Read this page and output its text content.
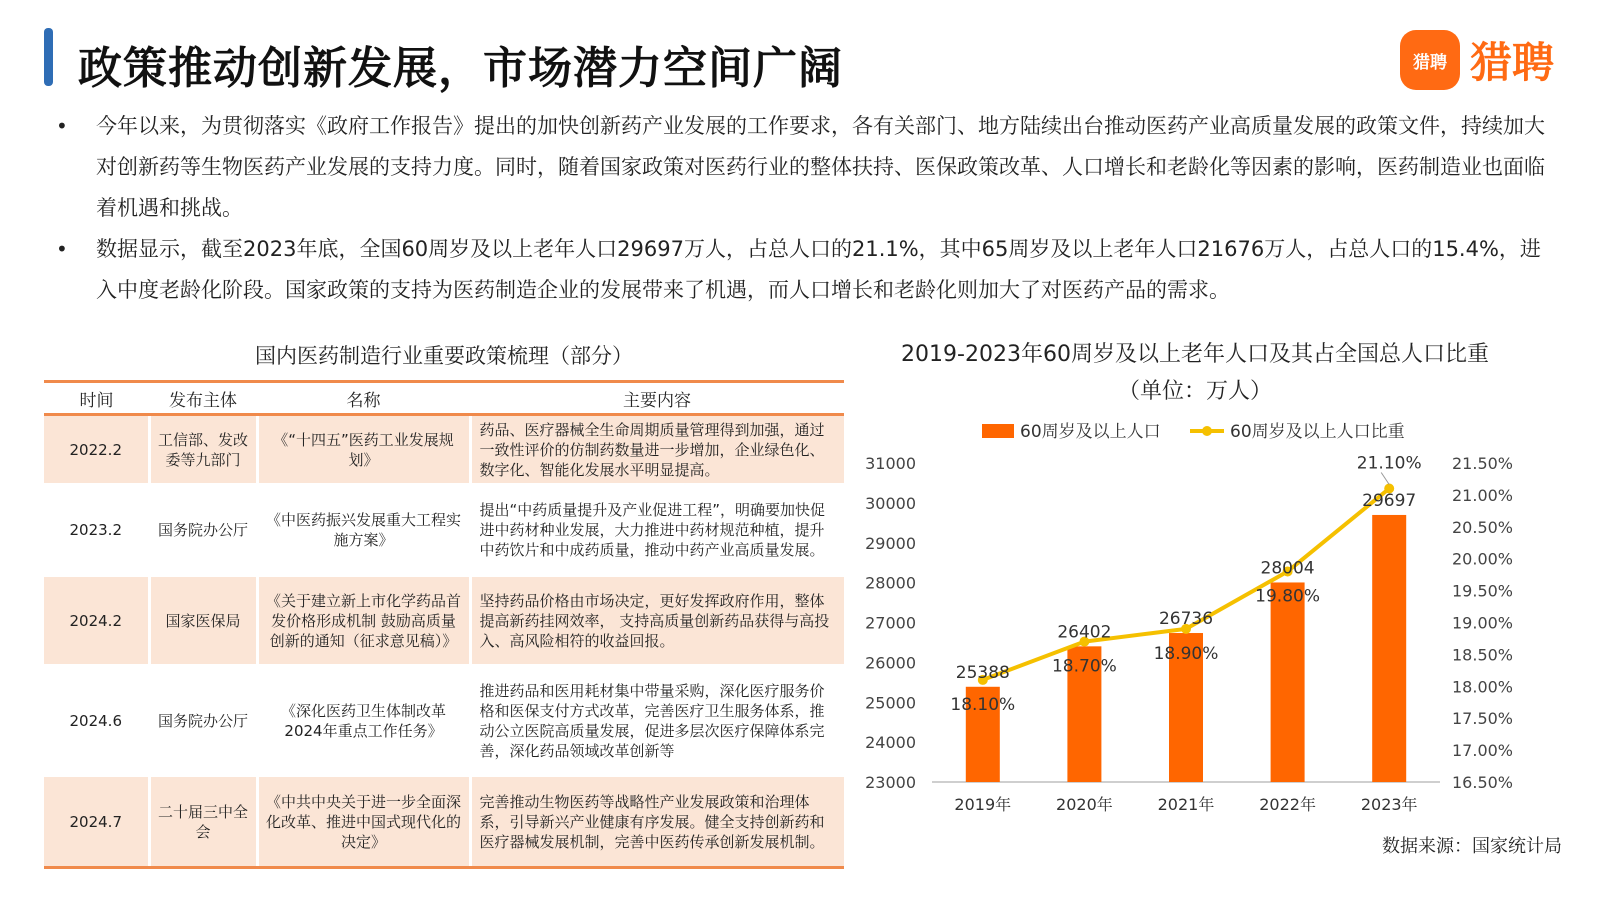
政策推动创新发展，市场潜力空间广阔	猎聘 猎聘
•	今年以来，为贯彻落实《政府工作报告》提出的加快创新药产业发展的工作要求，各有关部门、地方陆续出台推动医药产业高质量发展的政策文件，持续加大对创新药等生物医药产业发展的支持力度。同时，随着国家政策对医药行业的整体扶持、医保政策改革、人口增长和老龄化等因素的影响，医药制造业也面临着机遇和挑战。
•	数据显示，截至2023年底，全国60周岁及以上老年人口29697万人，占总人口的21.1%，其中65周岁及以上老年人口21676万人，占总人口的15.4%，进入中度老龄化阶段。国家政策的支持为医药制造企业的发展带来了机遇，而人口增长和老龄化则加大了对医药产品的需求。
国内医药制造行业重要政策梳理（部分）
时间	发布主体	名称	主要内容
2022.2	工信部、发改委等九部门	《“十四五”医药工业发展规划》	药品、医疗器械全生命周期质量管理得到加强，通过一致性评价的仿制药数量进一步增加，企业绿色化、数字化、智能化发展水平明显提高。
2023.2	国务院办公厅	《中医药振兴发展重大工程实施方案》	提出“中药质量提升及产业促进工程”，明确要加快促进中药材种业发展，大力推进中药材规范种植，提升中药饮片和中成药质量，推动中药产业高质量发展。
2024.2	国家医保局	《关于建立新上市化学药品首发价格形成机制 鼓励高质量创新的通知（征求意见稿）》	坚持药品价格由市场决定，更好发挥政府作用，整体提高新药挂网效率， 支持高质量创新药品获得与高投入、高风险相符的收益回报。
2024.6	国务院办公厅	《深化医药卫生体制改革2024年重点工作任务》	推进药品和医用耗材集中带量采购，深化医疗服务价格和医保支付方式改革，完善医疗卫生服务体系，推动公立医院高质量发展，促进多层次医疗保障体系完善，深化药品领域改革创新等
2024.7	二十届三中全会	《中共中央关于进一步全面深化改革、推进中国式现代化的决定》	完善推动生物医药等战略性产业发展政策和治理体系，引导新兴产业健康有序发展。健全支持创新药和医疗器械发展机制，完善中医药传承创新发展机制。
2019-2023年60周岁及以上老年人口及其占全国总人口比重（单位：万人）
60周岁及以上人口	60周岁及以上人口比重
23000
24000
25000
26000
27000
28000
29000
30000
31000
16.50%
17.00%
17.50%
18.00%
18.50%
19.00%
19.50%
20.00%
20.50%
21.00%
21.50%
2019年	2020年	2021年	2022年	2023年
25388
26402
26736
28004
29697
18.10%
18.70%
18.90%
19.80%
21.10%
数据来源：国家统计局
